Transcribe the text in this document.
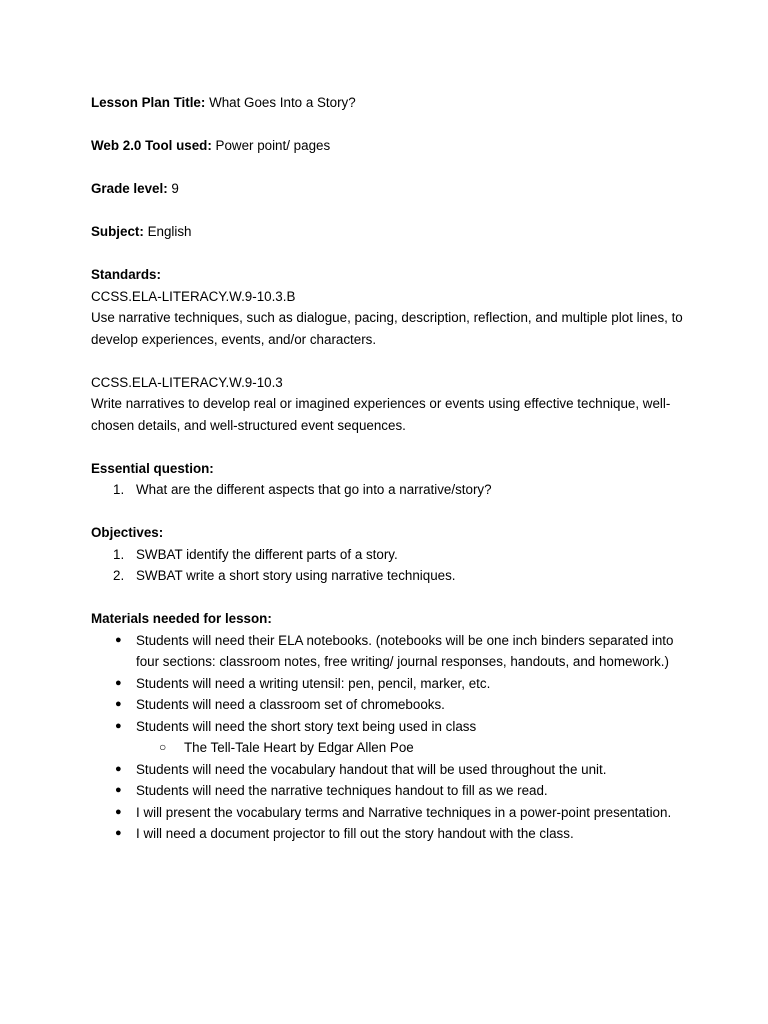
Lesson Plan Title: What Goes Into a Story?

Web 2.0 Tool used: Power point/ pages

Grade level: 9

Subject: English

Standards:

CCSS.ELA-LITERACY.W.9-10.3.B

Use narrative techniques, such as dialogue, pacing, description, reflection, and multiple plot lines, to develop experiences, events, and/or characters.

CCSS.ELA-LITERACY.W.9-10.3

Write narratives to develop real or imagined experiences or events using effective technique, well-chosen details, and well-structured event sequences.

Essential question:

1. What are the different aspects that go into a narrative/story?

Objectives:

1. SWBAT identify the different parts of a story.
2. SWBAT write a short story using narrative techniques.

Materials needed for lesson:

● Students will need their ELA notebooks. (notebooks will be one inch binders separated into four sections: classroom notes, free writing/ journal responses, handouts, and homework.)
● Students will need a writing utensil: pen, pencil, marker, etc.
● Students will need a classroom set of chromebooks.
● Students will need the short story text being used in class
○ The Tell-Tale Heart by Edgar Allen Poe
● Students will need the vocabulary handout that will be used throughout the unit.
● Students will need the narrative techniques handout to fill as we read.
● I will present the vocabulary terms and Narrative techniques in a power-point presentation.
● I will need a document projector to fill out the story handout with the class.
